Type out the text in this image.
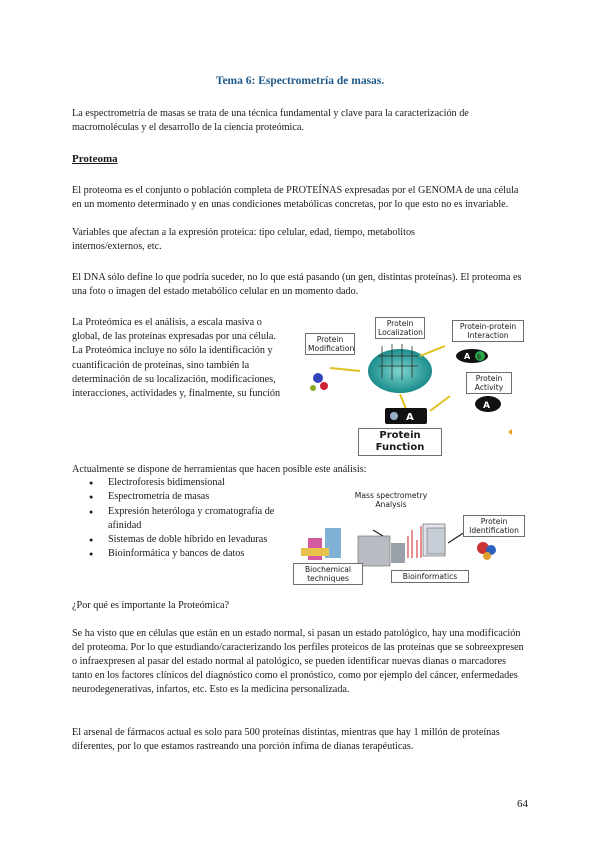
Tema 6: Espectrometría de masas.
La espectrometría de masas se trata de una técnica fundamental y clave para la caracterización de macromoléculas y el desarrollo de la ciencia proteómica.
Proteoma
El proteoma es el conjunto o población completa de PROTEÍNAS expresadas por el GENOMA de una célula en un momento determinado y en unas condiciones metabólicas concretas, por lo que esto no es invariable.
Variables que afectan a la expresión proteica: tipo celular, edad, tiempo, metabolitos internos/externos, etc.
El DNA sólo define lo que podría suceder, no lo que está pasando (un gen, distintas proteínas). El proteoma es una foto o imagen del estado metabólico celular en un momento dado.
La Proteómica es el análisis, a escala masiva o global, de las proteínas expresadas por una célula. La Proteómica incluye no sólo la identificación y cuantificación de proteínas, sino también la determinación de su localización, modificaciones, interacciones, actividades y, finalmente, su función
A B
A
A
Protein Modification
Protein Localization
Protein-protein Interaction
Protein Activity
Protein Function
Actualmente se dispone de herramientas que hacen posible este análisis:
● Electroforesis bidimensional
● Espectrometría de masas
● Expresión heteróloga y cromatografía de afinidad
● Sistemas de doble híbrido en levaduras
● Bioinformática y bancos de datos
Mass spectrometry Analysis
Protein Identification
Biochemical techniques	Bioinformatics
¿Por qué es importante la Proteómica?
Se ha visto que en células que están en un estado normal, si pasan un estado patológico, hay una modificación del proteoma. Por lo que estudiando/caracterizando los perfiles proteicos de las proteínas que se sobreexpresen o infraexpresen al pasar del estado normal al patológico, se pueden identificar nuevas dianas o marcadores tanto en los factores clínicos del diagnóstico como el pronóstico, como por ejemplo del cáncer, enfermedades neurodegenerativas, infartos, etc. Esto es la medicina personalizada.
El arsenal de fármacos actual es solo para 500 proteínas distintas, mientras que hay 1 millón de proteínas diferentes, por lo que estamos rastreando una porción ínfima de dianas terapéuticas.
64
